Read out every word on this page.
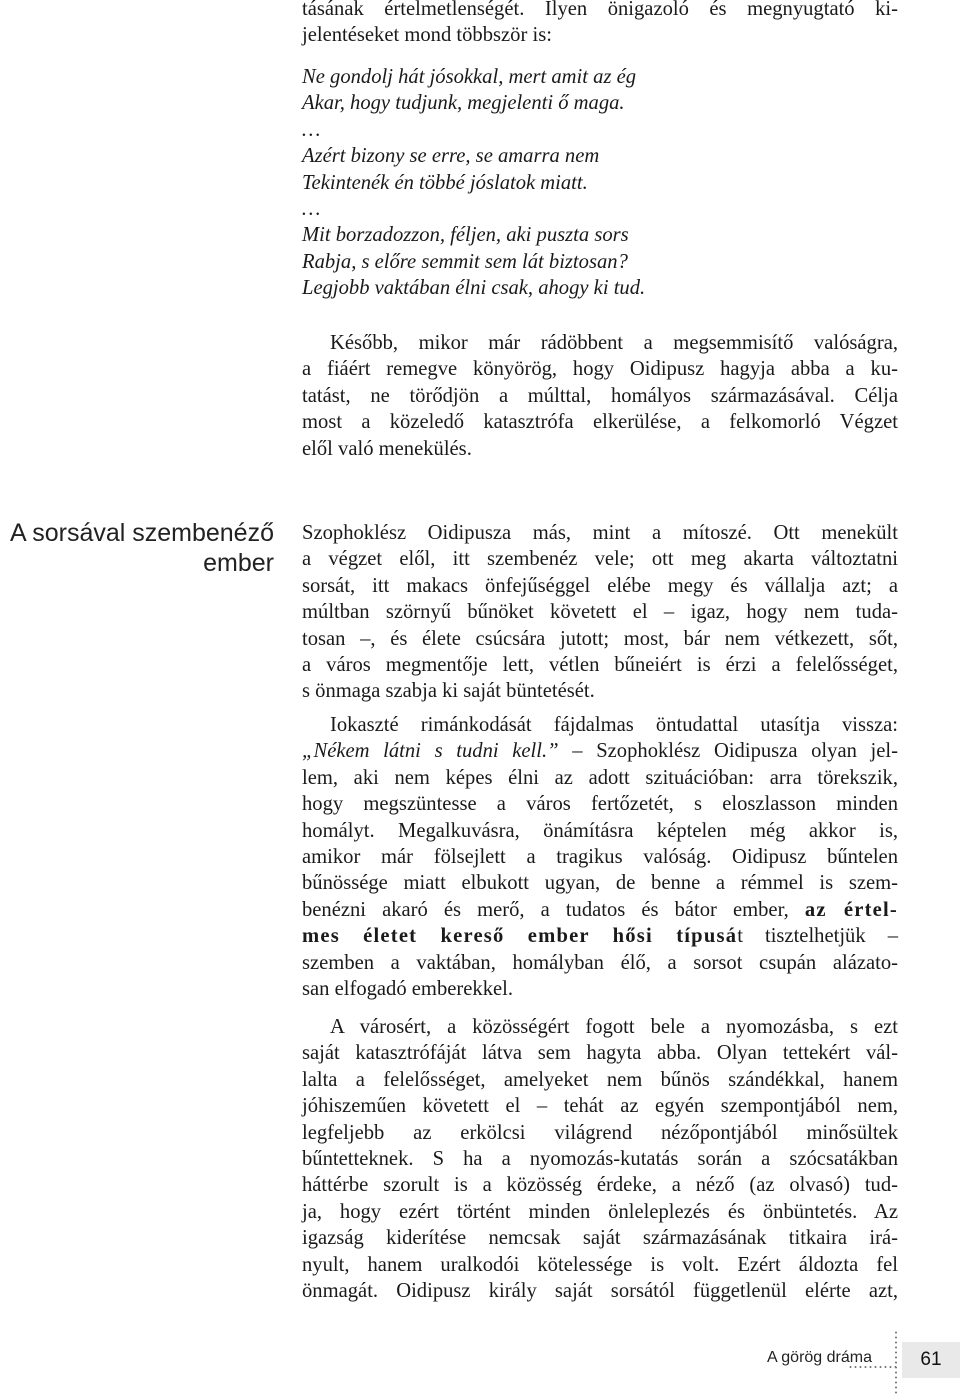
tásának értelmetlenségét. Ilyen önigazoló és megnyugtató ki-
jelentéseket mond többször is:
Ne gondolj hát jósokkal, mert amit az ég
Akar, hogy tudjunk, megjelenti ő maga.
…
Azért bizony se erre, se amarra nem
Tekintenék én többé jóslatok miatt.
…
Mit borzadozzon, féljen, aki puszta sors
Rabja, s előre semmit sem lát biztosan?
Legjobb vaktában élni csak, ahogy ki tud.
Később, mikor már rádöbbent a megsemmisítő valóságra,
a fiáért remegve könyörög, hogy Oidipusz hagyja abba a ku-
tatást, ne törődjön a múlttal, homályos származásával. Célja
most a közeledő katasztrófa elkerülése, a felkomorló Végzet
elől való menekülés.
A sorsával szembenéző
ember
Szophoklész Oidipusza más, mint a mítoszé. Ott menekült
a végzet elől, itt szembenéz vele; ott meg akarta változtatni
sorsát, itt makacs önfejűséggel elébe megy és vállalja azt; a
múltban szörnyű bűnöket követett el – igaz, hogy nem tuda-
tosan –, és élete csúcsára jutott; most, bár nem vétkezett, sőt,
a város megmentője lett, vétlen bűneiért is érzi a felelősséget,
s önmaga szabja ki saját büntetését.
Iokaszté rimánkodását fájdalmas öntudattal utasítja vissza:
„Nékem látni s tudni kell.” – Szophoklész Oidipusza olyan jel-
lem, aki nem képes élni az adott szituációban: arra törekszik,
hogy megszüntesse a város fertőzetét, s eloszlasson minden
homályt. Megalkuvásra, önámításra képtelen még akkor is,
amikor már fölsejlett a tragikus valóság. Oidipusz bűntelen
bűnössége miatt elbukott ugyan, de benne a rémmel is szem-
benézni akaró és merő, a tudatos és bátor ember, az értel-
mes életet kereső ember hősi típusát tisztelhetjük –
szemben a vaktában, homályban élő, a sorsot csupán alázato-
san elfogadó emberekkel.
A városért, a közösségért fogott bele a nyomozásba, s ezt
saját katasztrófáját látva sem hagyta abba. Olyan tettekért vál-
lalta a felelősséget, amelyeket nem bűnös szándékkal, hanem
jóhiszeműen követett el – tehát az egyén szempontjából nem,
legfeljebb az erkölcsi világrend nézőpontjából minősültek
bűntetteknek. S ha a nyomozás-kutatás során a szócsatákban
háttérbe szorult is a közösség érdeke, a néző (az olvasó) tud-
ja, hogy ezért történt minden önleleplezés és önbüntetés. Az
igazság kiderítése nemcsak saját származásának titkaira irá-
nyult, hanem uralkodói kötelessége is volt. Ezért áldozta fel
önmagát. Oidipusz király saját sorsától függetlenül elérte azt,
A görög dráma	61
